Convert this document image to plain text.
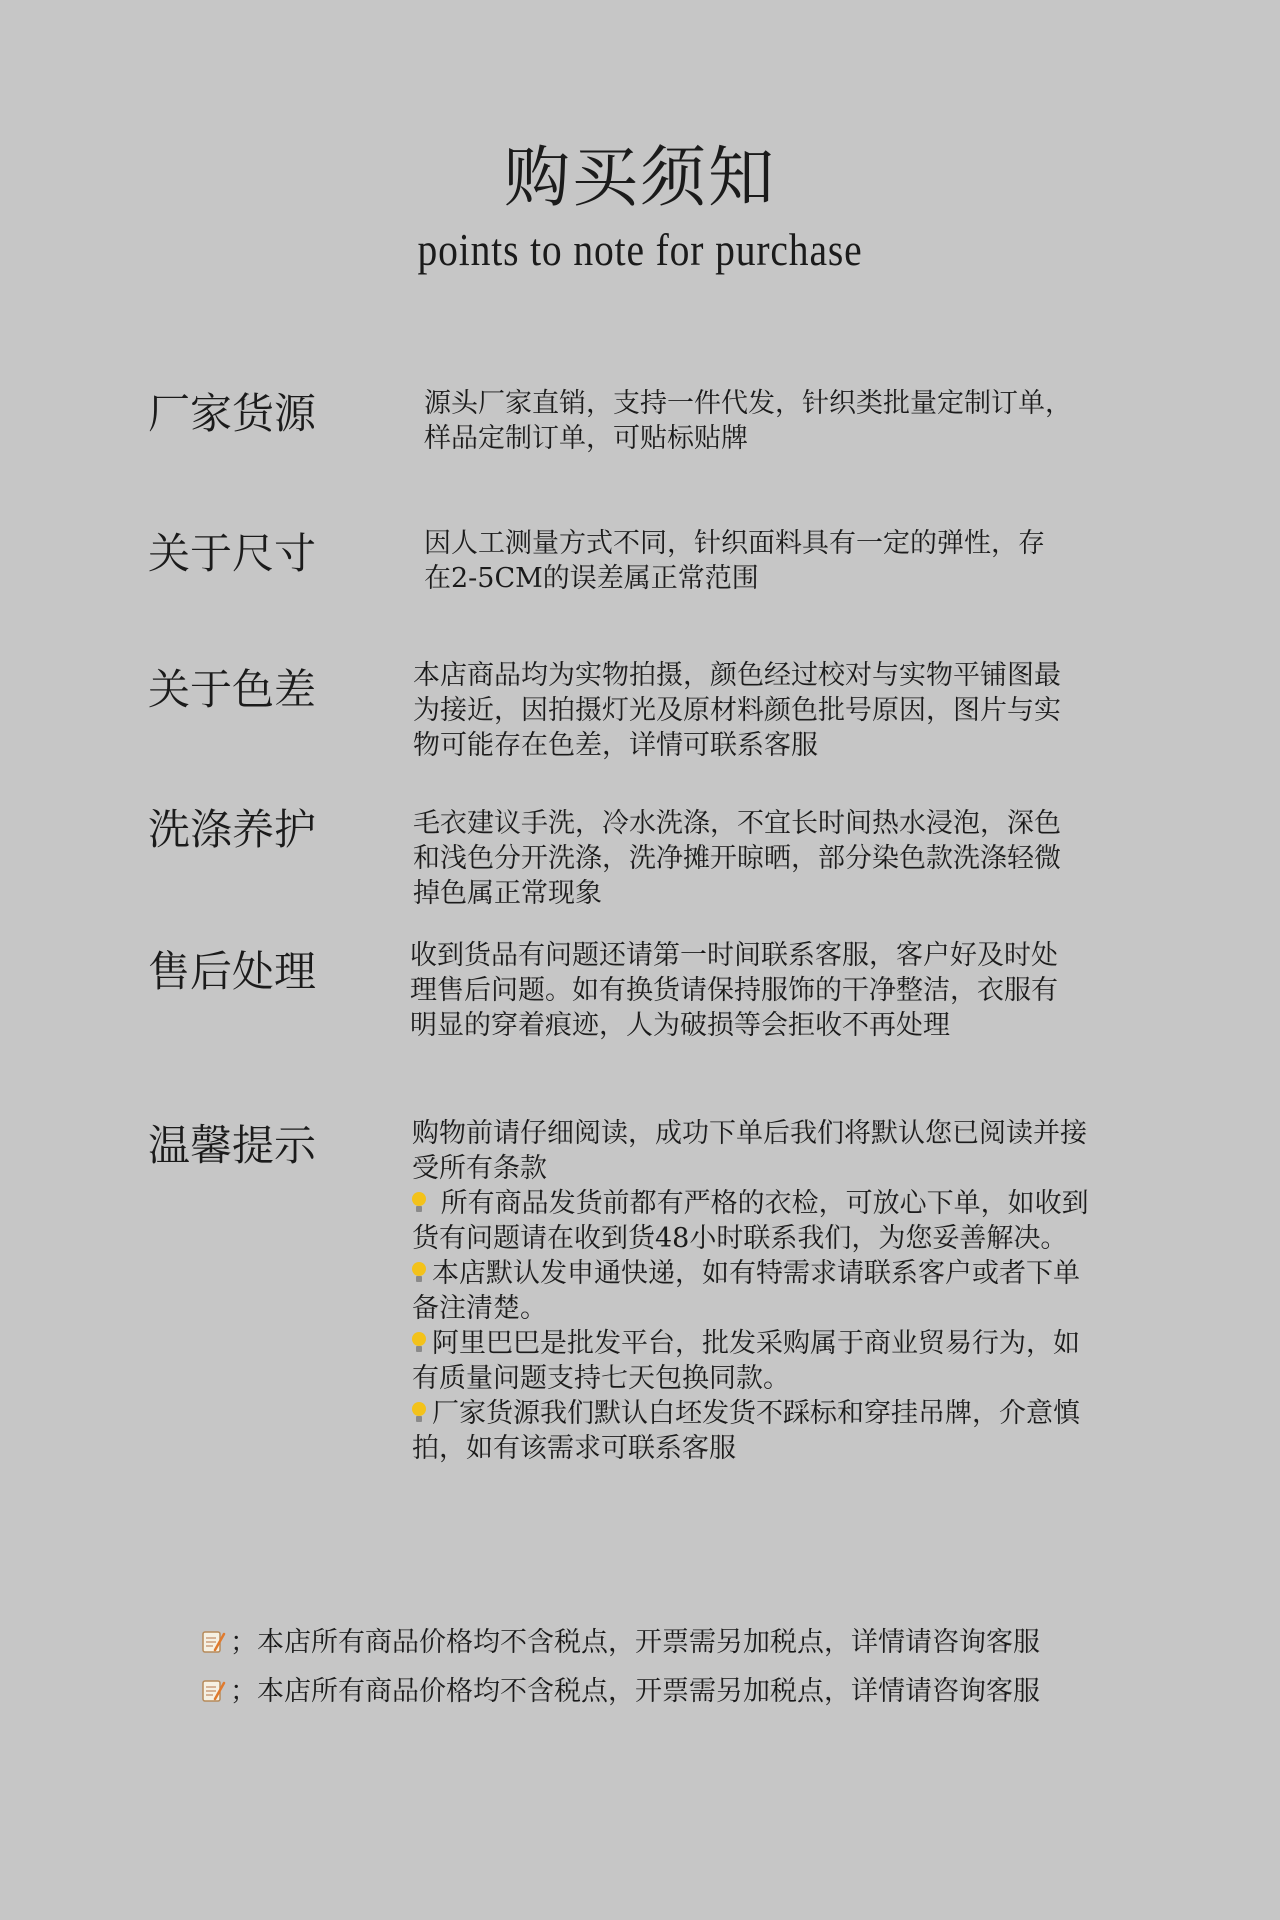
购买须知
points to note for purchase
厂家货源	源头厂家直销，支持一件代发，针织类批量定制订单，

样品定制订单，可贴标贴牌

关于尺寸	因人工测量方式不同，针织面料具有一定的弹性，存

在2-5CM的误差属正常范围

关于色差	本店商品均为实物拍摄，颜色经过校对与实物平铺图最

为接近，因拍摄灯光及原材料颜色批号原因，图片与实

物可能存在色差，详情可联系客服

洗涤养护	毛衣建议手洗，冷水洗涤，不宜长时间热水浸泡，深色

和浅色分开洗涤，洗净摊开晾晒，部分染色款洗涤轻微

掉色属正常现象

售后处理	收到货品有问题还请第一时间联系客服，客户好及时处

理售后问题。如有换货请保持服饰的干净整洁，衣服有

明显的穿着痕迹，人为破损等会拒收不再处理

温馨提示	购物前请仔细阅读，成功下单后我们将默认您已阅读并接

受所有条款

所有商品发货前都有严格的衣检，可放心下单，如收到

货有问题请在收到货48小时联系我们，为您妥善解决。

本店默认发申通快递，如有特需求请联系客户或者下单

备注清楚。

阿里巴巴是批发平台，批发采购属于商业贸易行为，如

有质量问题支持七天包换同款。

厂家货源我们默认白坯发货不踩标和穿挂吊牌，介意慎

拍，如有该需求可联系客服

；本店所有商品价格均不含税点，开票需另加税点，详情请咨询客服
；本店所有商品价格均不含税点，开票需另加税点，详情请咨询客服
